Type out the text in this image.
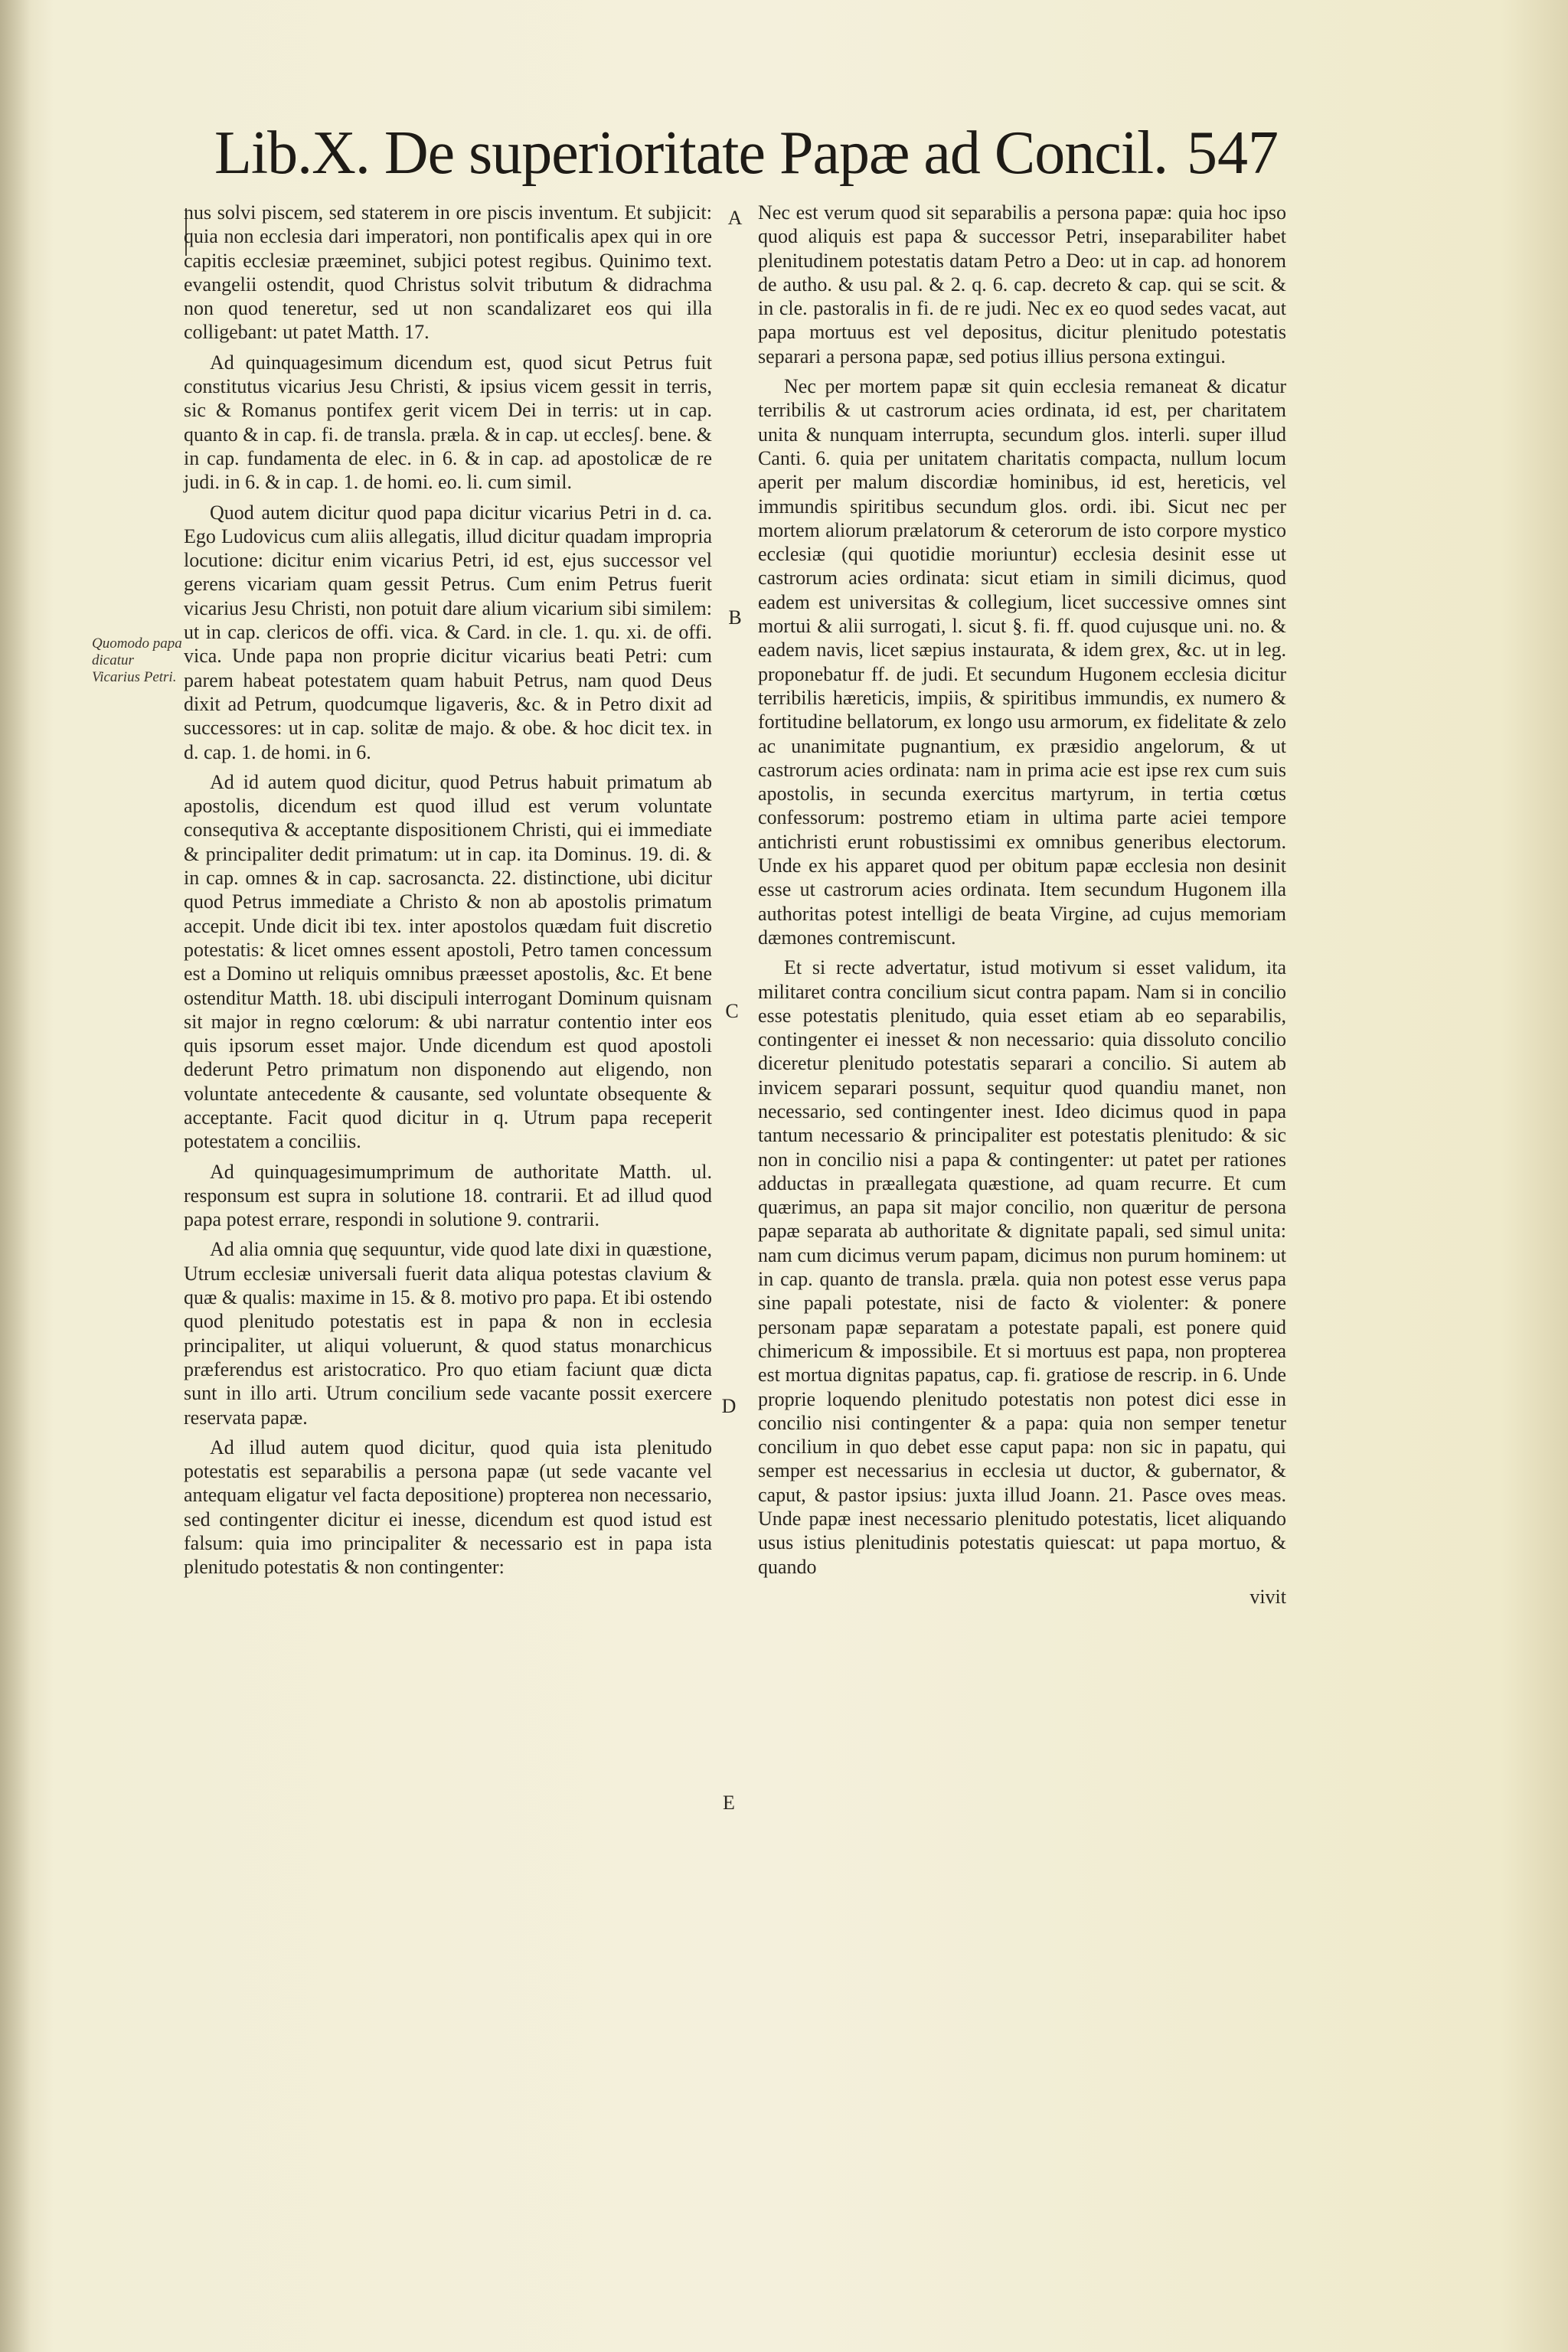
Lib.X. De superioritate Papæ ad Concil. 547
Quomodo papa dicatur Vicarius Petri.
A
B
C
D
E

nus solvi piscem, sed staterem in ore piscis inventum. Et subjicit: quia non ecclesia dari imperatori, non pontificalis apex qui in ore capitis ecclesiæ præeminet, subjici potest regibus. Quinimo text. evangelii ostendit, quod Christus solvit tributum & didrachma non quod teneretur, sed ut non scandalizaret eos qui illa colligebant: ut patet Matth. 17.

Ad quinquagesimum dicendum est, quod sicut Petrus fuit constitutus vicarius Jesu Christi, & ipsius vicem gessit in terris, sic & Romanus pontifex gerit vicem Dei in terris: ut in cap. quanto & in cap. fi. de transla. præla. & in cap. ut ecclesʃ. bene. & in cap. fundamenta de elec. in 6. & in cap. ad apostolicæ de re judi. in 6. & in cap. 1. de homi. eo. li. cum simil.

Quod autem dicitur quod papa dicitur vicarius Petri in d. ca. Ego Ludovicus cum aliis allegatis, illud dicitur quadam impropria locutione: dicitur enim vicarius Petri, id est, ejus successor vel gerens vicariam quam gessit Petrus. Cum enim Petrus fuerit vicarius Jesu Christi, non potuit dare alium vicarium sibi similem: ut in cap. clericos de offi. vica. & Card. in cle. 1. qu. xi. de offi. vica. Unde papa non proprie dicitur vicarius beati Petri: cum parem habeat potestatem quam habuit Petrus, nam quod Deus dixit ad Petrum, quodcumque ligaveris, &c. & in Petro dixit ad successores: ut in cap. solitæ de majo. & obe. & hoc dicit tex. in d. cap. 1. de homi. in 6.

Ad id autem quod dicitur, quod Petrus habuit primatum ab apostolis, dicendum est quod illud est verum voluntate consequtiva & acceptante dispositionem Christi, qui ei immediate & principaliter dedit primatum: ut in cap. ita Dominus. 19. di. & in cap. omnes & in cap. sacrosancta. 22. distinctione, ubi dicitur quod Petrus immediate a Christo & non ab apostolis primatum accepit. Unde dicit ibi tex. inter apostolos quædam fuit discretio potestatis: & licet omnes essent apostoli, Petro tamen concessum est a Domino ut reliquis omnibus præesset apostolis, &c. Et bene ostenditur Matth. 18. ubi discipuli interrogant Dominum quisnam sit major in regno cœlorum: & ubi narratur contentio inter eos quis ipsorum esset major. Unde dicendum est quod apostoli dederunt Petro primatum non disponendo aut eligendo, non voluntate antecedente & causante, sed voluntate obsequente & acceptante. Facit quod dicitur in q. Utrum papa receperit potestatem a conciliis.

Ad quinquagesimumprimum de authoritate Matth. ul. responsum est supra in solutione 18. contrarii. Et ad illud quod papa potest errare, respondi in solutione 9. contrarii.

Ad alia omnia quę sequuntur, vide quod late dixi in quæstione, Utrum ecclesiæ universali fuerit data aliqua potestas clavium & quæ & qualis: maxime in 15. & 8. motivo pro papa. Et ibi ostendo quod plenitudo potestatis est in papa & non in ecclesia principaliter, ut aliqui voluerunt, & quod status monarchicus præferendus est aristocratico. Pro quo etiam faciunt quæ dicta sunt in illo arti. Utrum concilium sede vacante possit exercere reservata papæ.

Ad illud autem quod dicitur, quod quia ista plenitudo potestatis est separabilis a persona papæ (ut sede vacante vel antequam eligatur vel facta depositione) propterea non necessario, sed contingenter dicitur ei inesse, dicendum est quod istud est falsum: quia imo principaliter & necessario est in papa ista plenitudo potestatis & non contingenter:

Nec est verum quod sit separabilis a persona papæ: quia hoc ipso quod aliquis est papa & successor Petri, inseparabiliter habet plenitudinem potestatis datam Petro a Deo: ut in cap. ad honorem de autho. & usu pal. & 2. q. 6. cap. decreto & cap. qui se scit. & in cle. pastoralis in fi. de re judi. Nec ex eo quod sedes vacat, aut papa mortuus est vel depositus, dicitur plenitudo potestatis separari a persona papæ, sed potius illius persona extingui.

Nec per mortem papæ sit quin ecclesia remaneat & dicatur terribilis & ut castrorum acies ordinata, id est, per charitatem unita & nunquam interrupta, secundum glos. interli. super illud Canti. 6. quia per unitatem charitatis compacta, nullum locum aperit per malum discordiæ hominibus, id est, hereticis, vel immundis spiritibus secundum glos. ordi. ibi. Sicut nec per mortem aliorum prælatorum & ceterorum de isto corpore mystico ecclesiæ (qui quotidie moriuntur) ecclesia desinit esse ut castrorum acies ordinata: sicut etiam in simili dicimus, quod eadem est universitas & collegium, licet successive omnes sint mortui & alii surrogati, l. sicut §. fi. ff. quod cujusque uni. no. & eadem navis, licet sæpius instaurata, & idem grex, &c. ut in leg. proponebatur ff. de judi. Et secundum Hugonem ecclesia dicitur terribilis hæreticis, impiis, & spiritibus immundis, ex numero & fortitudine bellatorum, ex longo usu armorum, ex fidelitate & zelo ac unanimitate pugnantium, ex præsidio angelorum, & ut castrorum acies ordinata: nam in prima acie est ipse rex cum suis apostolis, in secunda exercitus martyrum, in tertia cœtus confessorum: postremo etiam in ultima parte aciei tempore antichristi erunt robustissimi ex omnibus generibus electorum. Unde ex his apparet quod per obitum papæ ecclesia non desinit esse ut castrorum acies ordinata. Item secundum Hugonem illa authoritas potest intelligi de beata Virgine, ad cujus memoriam dæmones contremiscunt.

Et si recte advertatur, istud motivum si esset validum, ita militaret contra concilium sicut contra papam. Nam si in concilio esse potestatis plenitudo, quia esset etiam ab eo separabilis, contingenter ei inesset & non necessario: quia dissoluto concilio diceretur plenitudo potestatis separari a concilio. Si autem ab invicem separari possunt, sequitur quod quandiu manet, non necessario, sed contingenter inest. Ideo dicimus quod in papa tantum necessario & principaliter est potestatis plenitudo: & sic non in concilio nisi a papa & contingenter: ut patet per rationes adductas in præallegata quæstione, ad quam recurre. Et cum quærimus, an papa sit major concilio, non quæritur de persona papæ separata ab authoritate & dignitate papali, sed simul unita: nam cum dicimus verum papam, dicimus non purum hominem: ut in cap. quanto de transla. præla. quia non potest esse verus papa sine papali potestate, nisi de facto & violenter: & ponere personam papæ separatam a potestate papali, est ponere quid chimericum & impossibile. Et si mortuus est papa, non propterea est mortua dignitas papatus, cap. fi. gratiose de rescrip. in 6. Unde proprie loquendo plenitudo potestatis non potest dici esse in concilio nisi contingenter & a papa: quia non semper tenetur concilium in quo debet esse caput papa: non sic in papatu, qui semper est necessarius in ecclesia ut ductor, & gubernator, & caput, & pastor ipsius: juxta illud Joann. 21. Pasce oves meas. Unde papæ inest necessario plenitudo potestatis, licet aliquando usus istius plenitudinis potestatis quiescat: ut papa mortuo, & quando

vivit
